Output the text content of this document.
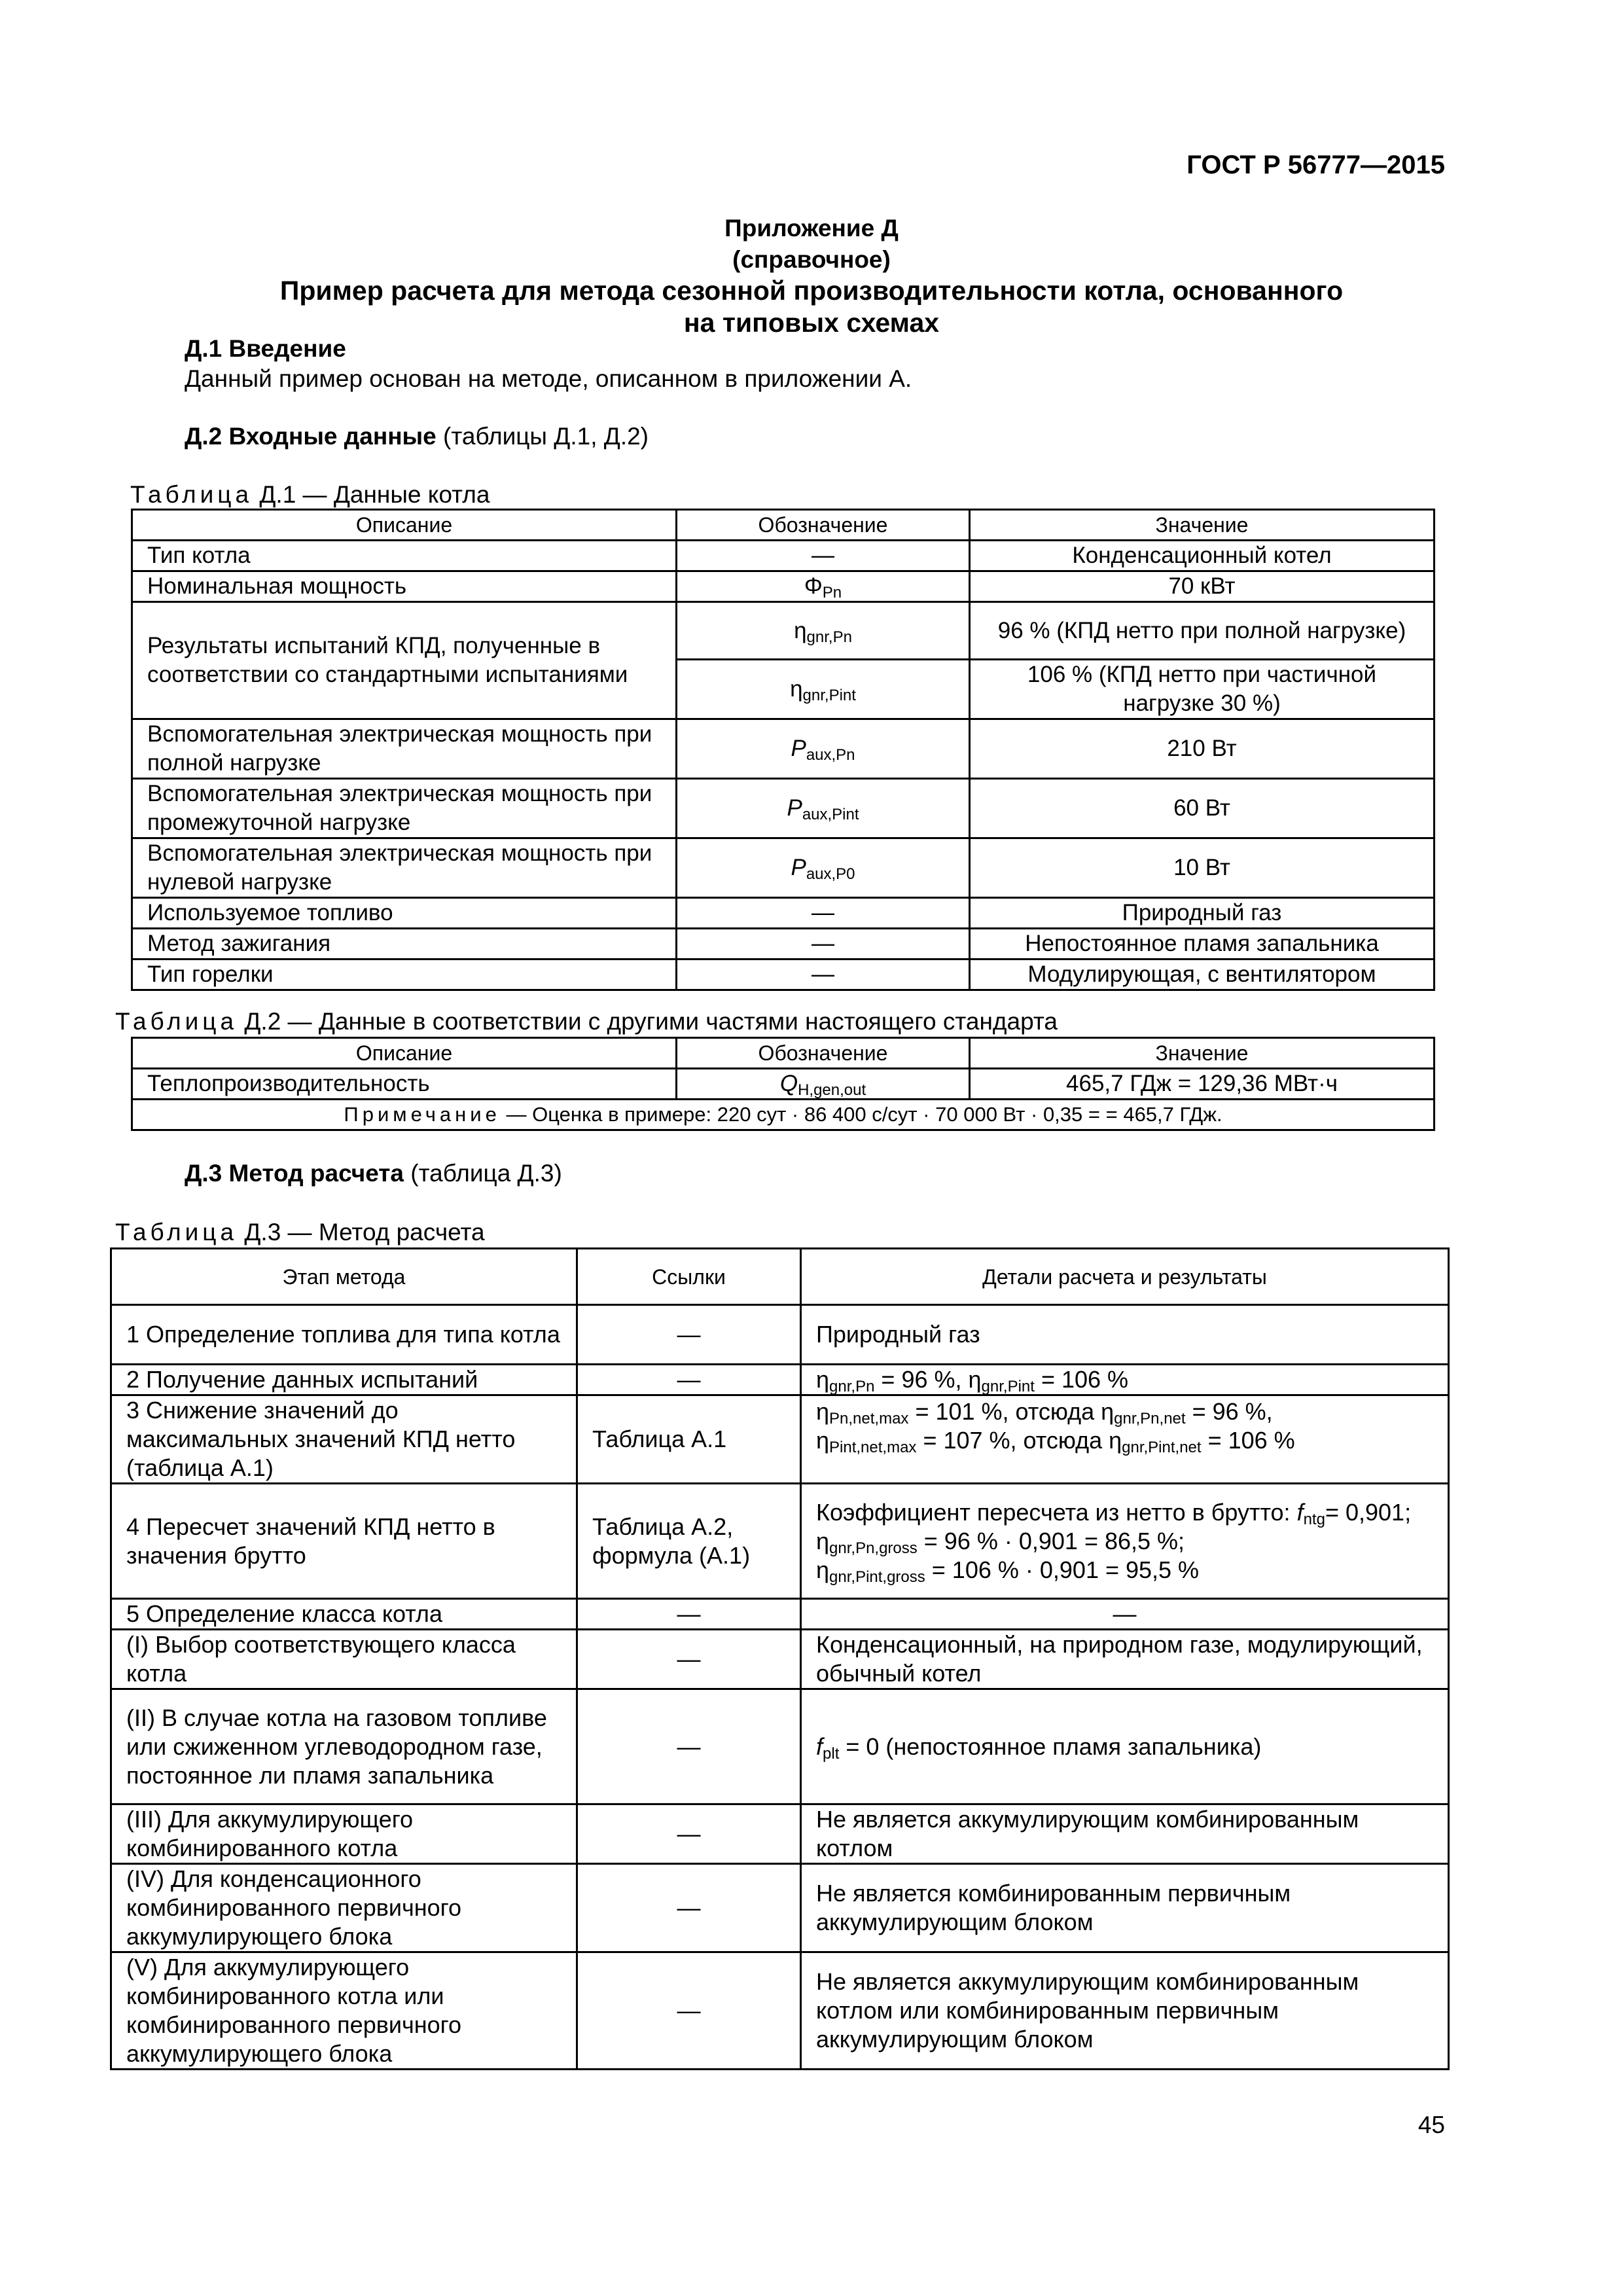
ГОСТ Р 56777—2015
Приложение Д
(справочное)
Пример расчета для метода сезонной производительности котла, основанного
на типовых схемах
Д.1 Введение
Данный пример основан на методе, описанном в приложении А.
Д.2 Входные данные (таблицы Д.1, Д.2)
Таблица Д.1 — Данные котла
Описание	Обозначение	Значение
Тип котла	—	Конденсационный котел
Номинальная мощность	$\Phi_{Pn}$	70 кВт
Результаты испытаний КПД, полученные в соответствии со стандартными испытаниями	$\eta_{gnr,Pn}$	96 % (КПД нетто при полной нагрузке)
	$\eta_{gnr,Pint}$	106 % (КПД нетто при частичной нагрузке 30 %)
Вспомогательная электрическая мощность при полной нагрузке	$P_{aux,Pn}$	210 Вт
Вспомогательная электрическая мощность при промежуточной нагрузке	$P_{aux,Pint}$	60 Вт
Вспомогательная электрическая мощность при нулевой нагрузке	$P_{aux,P0}$	10 Вт
Используемое топливо	—	Природный газ
Метод зажигания	—	Непостоянное пламя запальника
Тип горелки	—	Модулирующая, с вентилятором
Таблица Д.2 — Данные в соответствии с другими частями настоящего стандарта
Описание	Обозначение	Значение
Теплопроизводительность	$Q_{H,gen,out}$	465,7 ГДж = 129,36 МВт·ч
Примечание — Оценка в примере: 220 сут · 86 400 с/сут · 70 000 Вт · 0,35 = = 465,7 ГДж.		
Д.3 Метод расчета (таблица Д.3)
Таблица Д.3 — Метод расчета
Этап метода	Ссылки	Детали расчета и результаты
1 Определение топлива для типа котла	—	Природный газ
2 Получение данных испытаний	—	$\eta_{gnr,Pn} = 96$ %, $\eta_{gnr,Pint} = 106$ %
3 Снижение значений до максимальных значений КПД нетто (таблица А.1)	Таблица А.1	$\eta_{Pn,net,max} = 101$ %, отсюда $\eta_{gnr,Pn,net} = 96$ %,
$\eta_{Pint,net,max} = 107$ %, отсюда $\eta_{gnr,Pint,net} = 106$ %

4 Пересчет значений КПД нетто в значения брутто	Таблица А.2, формула (А.1)	Коэффициент пересчета из нетто в брутто: $f_{ntg}= 0,901$;
$\eta_{gnr,Pn,gross} = 96$ % · 0,901 = 86,5 %;
$\eta_{gnr,Pint,gross} = 106$ % · 0,901 = 95,5 %

5 Определение класса котла	—	—
(I) Выбор соответствующего класса котла	—	Конденсационный, на природном газе, модулирующий, обычный котел
(II) В случае котла на газовом топливе или сжиженном углеводородном газе, постоянное ли пламя запальника	—	$f_{plt} = 0$ (непостоянное пламя запальника)
(III) Для аккумулирующего комбинированного котла	—	Не является аккумулирующим комбинированным котлом
(IV) Для конденсационного комбинированного первичного аккумулирующего блока	—	Не является комбинированным первичным аккумулирующим блоком
(V) Для аккумулирующего комбинированного котла или комбинированного первичного аккумулирующего блока	—	Не является аккумулирующим комбинированным котлом или комбинированным первичным аккумулирующим блоком
45
